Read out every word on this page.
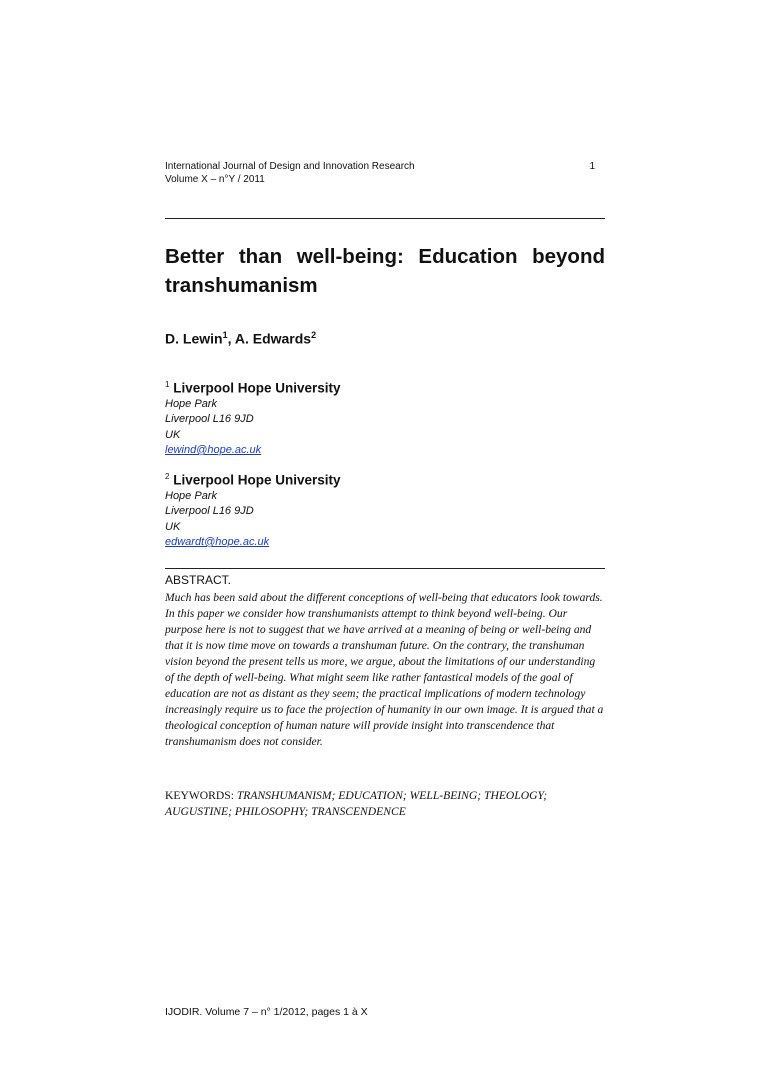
International Journal of Design and Innovation Research	1
Volume X – n°Y / 2011
Better than well-being: Education beyond transhumanism

D. Lewin$^1$, A. Edwards$^2$

$^1$ Liverpool Hope University
Hope Park
Liverpool L16 9JD
UK
lewind@hope.ac.uk
$^2$ Liverpool Hope University
Hope Park
Liverpool L16 9JD
UK
edwardt@hope.ac.uk
ABSTRACT.

Much has been said about the different conceptions of well-being that educators look towards. In this paper we consider how transhumanists attempt to think beyond well-being. Our purpose here is not to suggest that we have arrived at a meaning of being or well-being and that it is now time move on towards a transhuman future. On the contrary, the transhuman vision beyond the present tells us more, we argue, about the limitations of our understanding of the depth of well-being. What might seem like rather fantastical models of the goal of education are not as distant as they seem; the practical implications of modern technology increasingly require us to face the projection of humanity in our own image. It is argued that a theological conception of human nature will provide insight into transcendence that transhumanism does not consider.

KEYWORDS: TRANSHUMANISM; EDUCATION; WELL-BEING; THEOLOGY; AUGUSTINE; PHILOSOPHY; TRANSCENDENCE

IJODIR. Volume 7 – n° 1/2012, pages 1 à X
